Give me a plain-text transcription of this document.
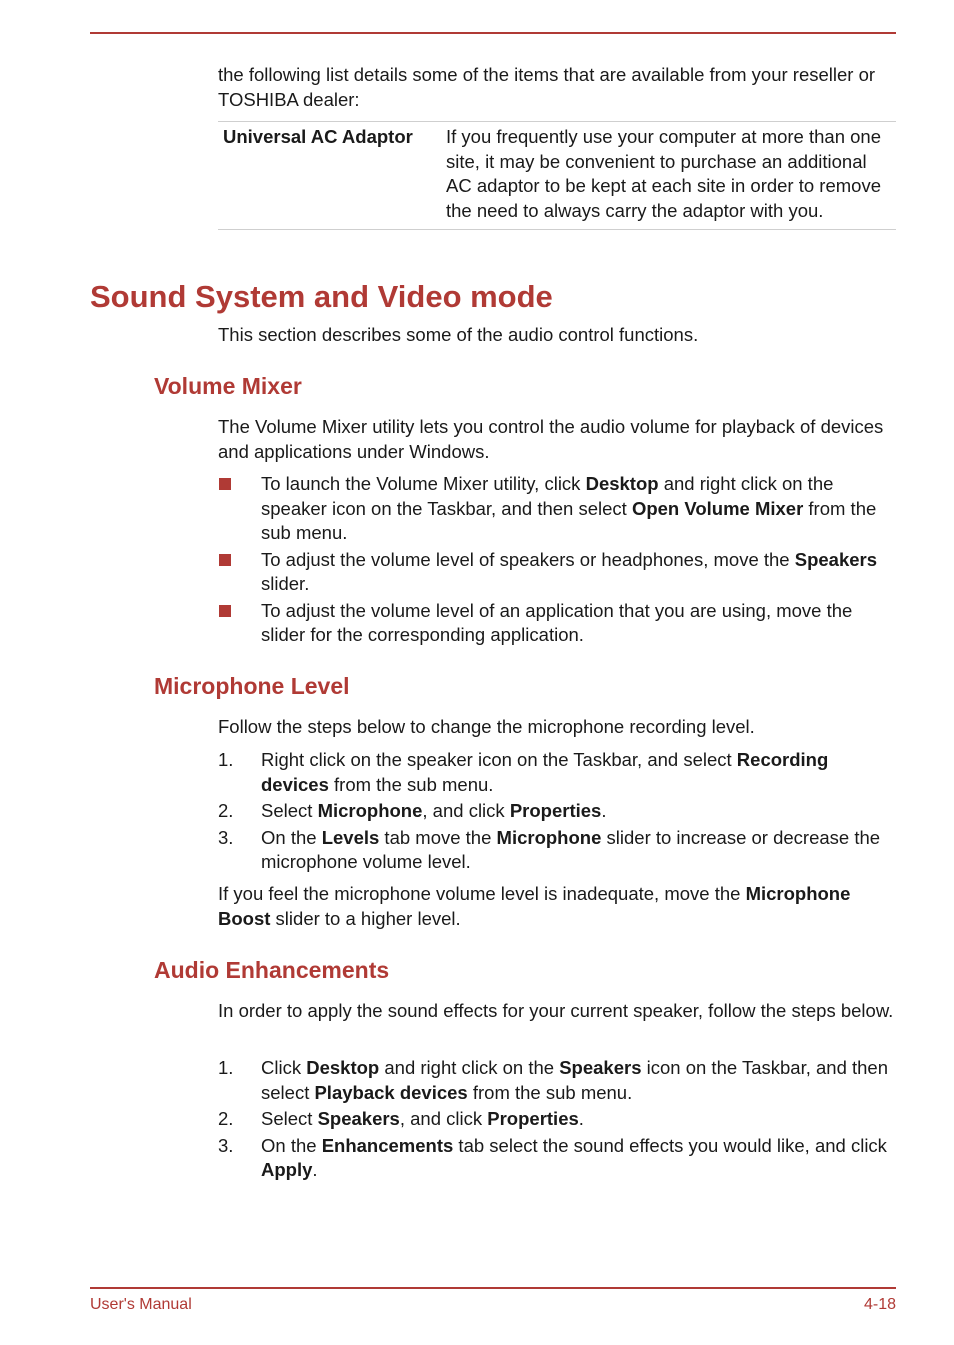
the following list details some of the items that are available from your reseller or TOSHIBA dealer:

Universal AC Adaptor	If you frequently use your computer at more than one site, it may be convenient to purchase an additional AC adaptor to be kept at each site in order to remove the need to always carry the adaptor with you.
Sound System and Video mode

This section describes some of the audio control functions.

Volume Mixer

The Volume Mixer utility lets you control the audio volume for playback of devices and applications under Windows.

To launch the Volume Mixer utility, click Desktop and right click on the speaker icon on the Taskbar, and then select Open Volume Mixer from the sub menu.
To adjust the volume level of speakers or headphones, move the Speakers slider.
To adjust the volume level of an application that you are using, move the slider for the corresponding application.
Microphone Level

Follow the steps below to change the microphone recording level.

1. Right click on the speaker icon on the Taskbar, and select Recording devices from the sub menu.
2. Select Microphone, and click Properties.
3. On the Levels tab move the Microphone slider to increase or decrease the microphone volume level.

If you feel the microphone volume level is inadequate, move the Microphone Boost slider to a higher level.

Audio Enhancements

In order to apply the sound effects for your current speaker, follow the steps below.

1. Click Desktop and right click on the Speakers icon on the Taskbar, and then select Playback devices from the sub menu.
2. Select Speakers, and click Properties.
3. On the Enhancements tab select the sound effects you would like, and click Apply.
User's Manual	4-18
